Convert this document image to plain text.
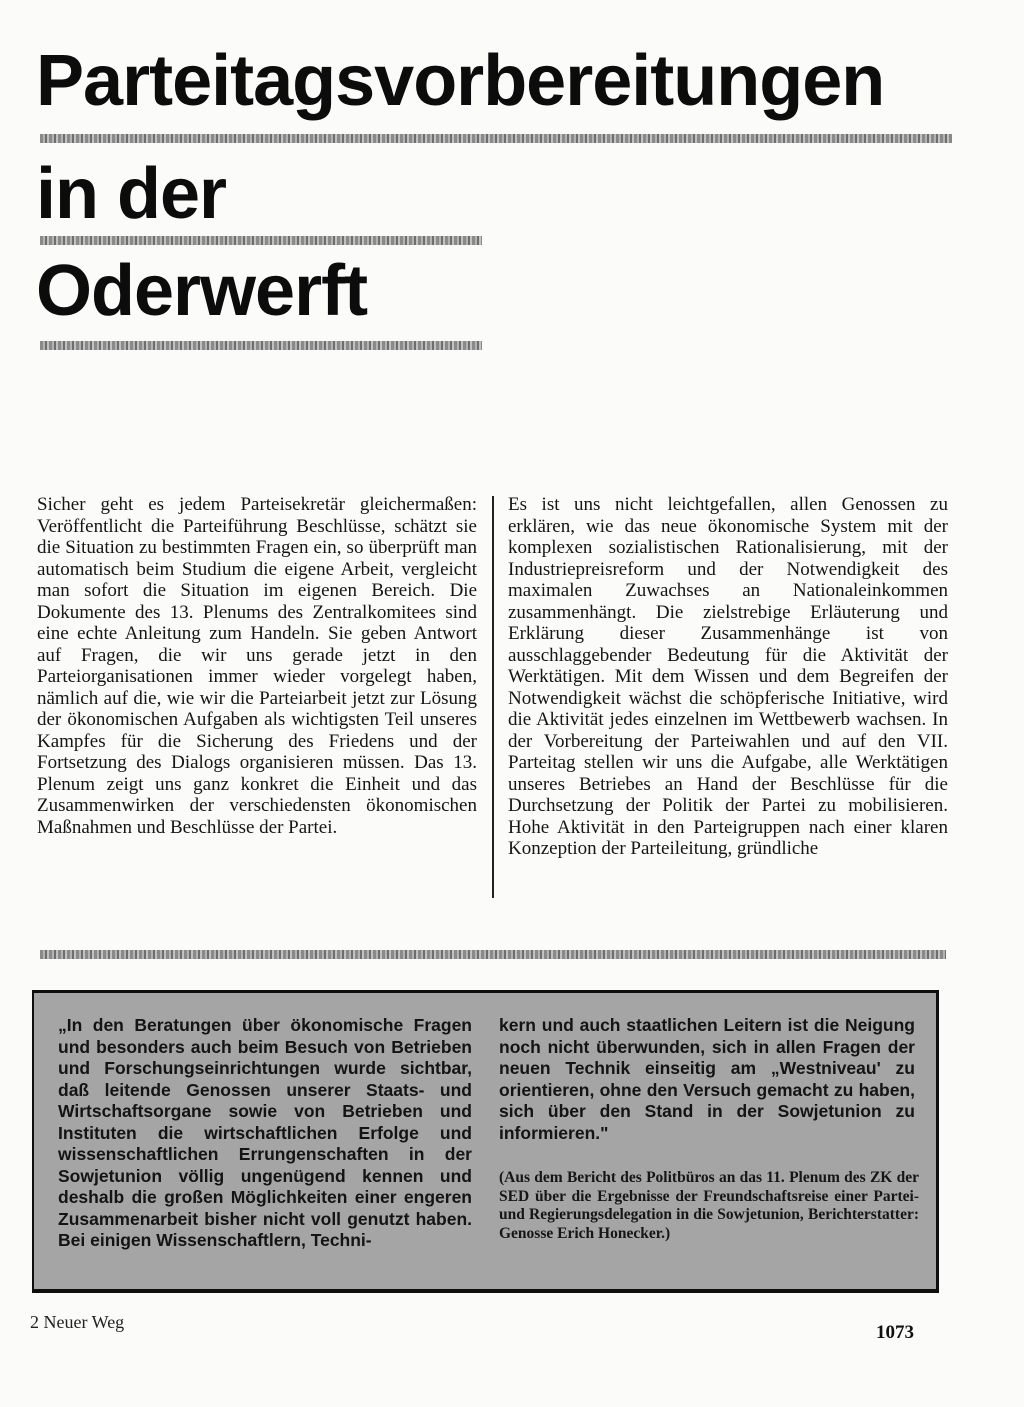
Parteitagsvorbereitungen
in der
Oderwerft

Sicher geht es jedem Parteisekretär gleichermaßen: Veröffentlicht die Parteiführung Beschlüsse, schätzt sie die Situation zu bestimmten Fragen ein, so überprüft man automatisch beim Studium die eigene Arbeit, vergleicht man sofort die Situation im eigenen Bereich. Die Dokumente des 13. Plenums des Zentralkomitees sind eine echte Anleitung zum Handeln. Sie geben Antwort auf Fragen, die wir uns gerade jetzt in den Parteiorganisationen immer wieder vorgelegt haben, nämlich auf die, wie wir die Parteiarbeit jetzt zur Lösung der ökonomischen Aufgaben als wichtigsten Teil unseres Kampfes für die Sicherung des Friedens und der Fortsetzung des Dialogs organisieren müssen. Das 13. Plenum zeigt uns ganz konkret die Einheit und das Zusammenwirken der verschiedensten ökonomischen Maßnahmen und Beschlüsse der Partei.

Es ist uns nicht leichtgefallen, allen Genossen zu erklären, wie das neue ökonomische System mit der komplexen sozialistischen Rationalisierung, mit der Industriepreisreform und der Notwendigkeit des maximalen Zuwachses an Nationaleinkommen zusammenhängt. Die zielstrebige Erläuterung und Erklärung dieser Zusammenhänge ist von ausschlaggebender Bedeutung für die Aktivität der Werktätigen. Mit dem Wissen und dem Begreifen der Notwendigkeit wächst die schöpferische Initiative, wird die Aktivität jedes einzelnen im Wettbewerb wachsen. In der Vorbereitung der Parteiwahlen und auf den VII. Parteitag stellen wir uns die Aufgabe, alle Werktätigen unseres Betriebes an Hand der Beschlüsse für die Durchsetzung der Politik der Partei zu mobilisieren. Hohe Aktivität in den Parteigruppen nach einer klaren Konzeption der Parteileitung, gründliche

„In den Beratungen über ökonomische Fragen und besonders auch beim Besuch von Betrieben und Forschungseinrichtungen wurde sichtbar, daß leitende Genossen unserer Staats- und Wirtschaftsorgane sowie von Betrieben und Instituten die wirtschaftlichen Erfolge und wissenschaftlichen Errungenschaften in der Sowjetunion völlig ungenügend kennen und deshalb die großen Möglichkeiten einer engeren Zusammenarbeit bisher nicht voll genutzt haben. Bei einigen Wissenschaftlern, Techni-

kern und auch staatlichen Leitern ist die Neigung noch nicht überwunden, sich in allen Fragen der neuen Technik einseitig am „Westniveau' zu orientieren, ohne den Versuch gemacht zu haben, sich über den Stand in der Sowjetunion zu informieren."

(Aus dem Bericht des Politbüros an das 11. Plenum des ZK der SED über die Ergebnisse der Freundschaftsreise einer Partei- und Regierungsdelegation in die Sowjetunion, Berichterstatter: Genosse Erich Honecker.)

2 Neuer Weg	1073
